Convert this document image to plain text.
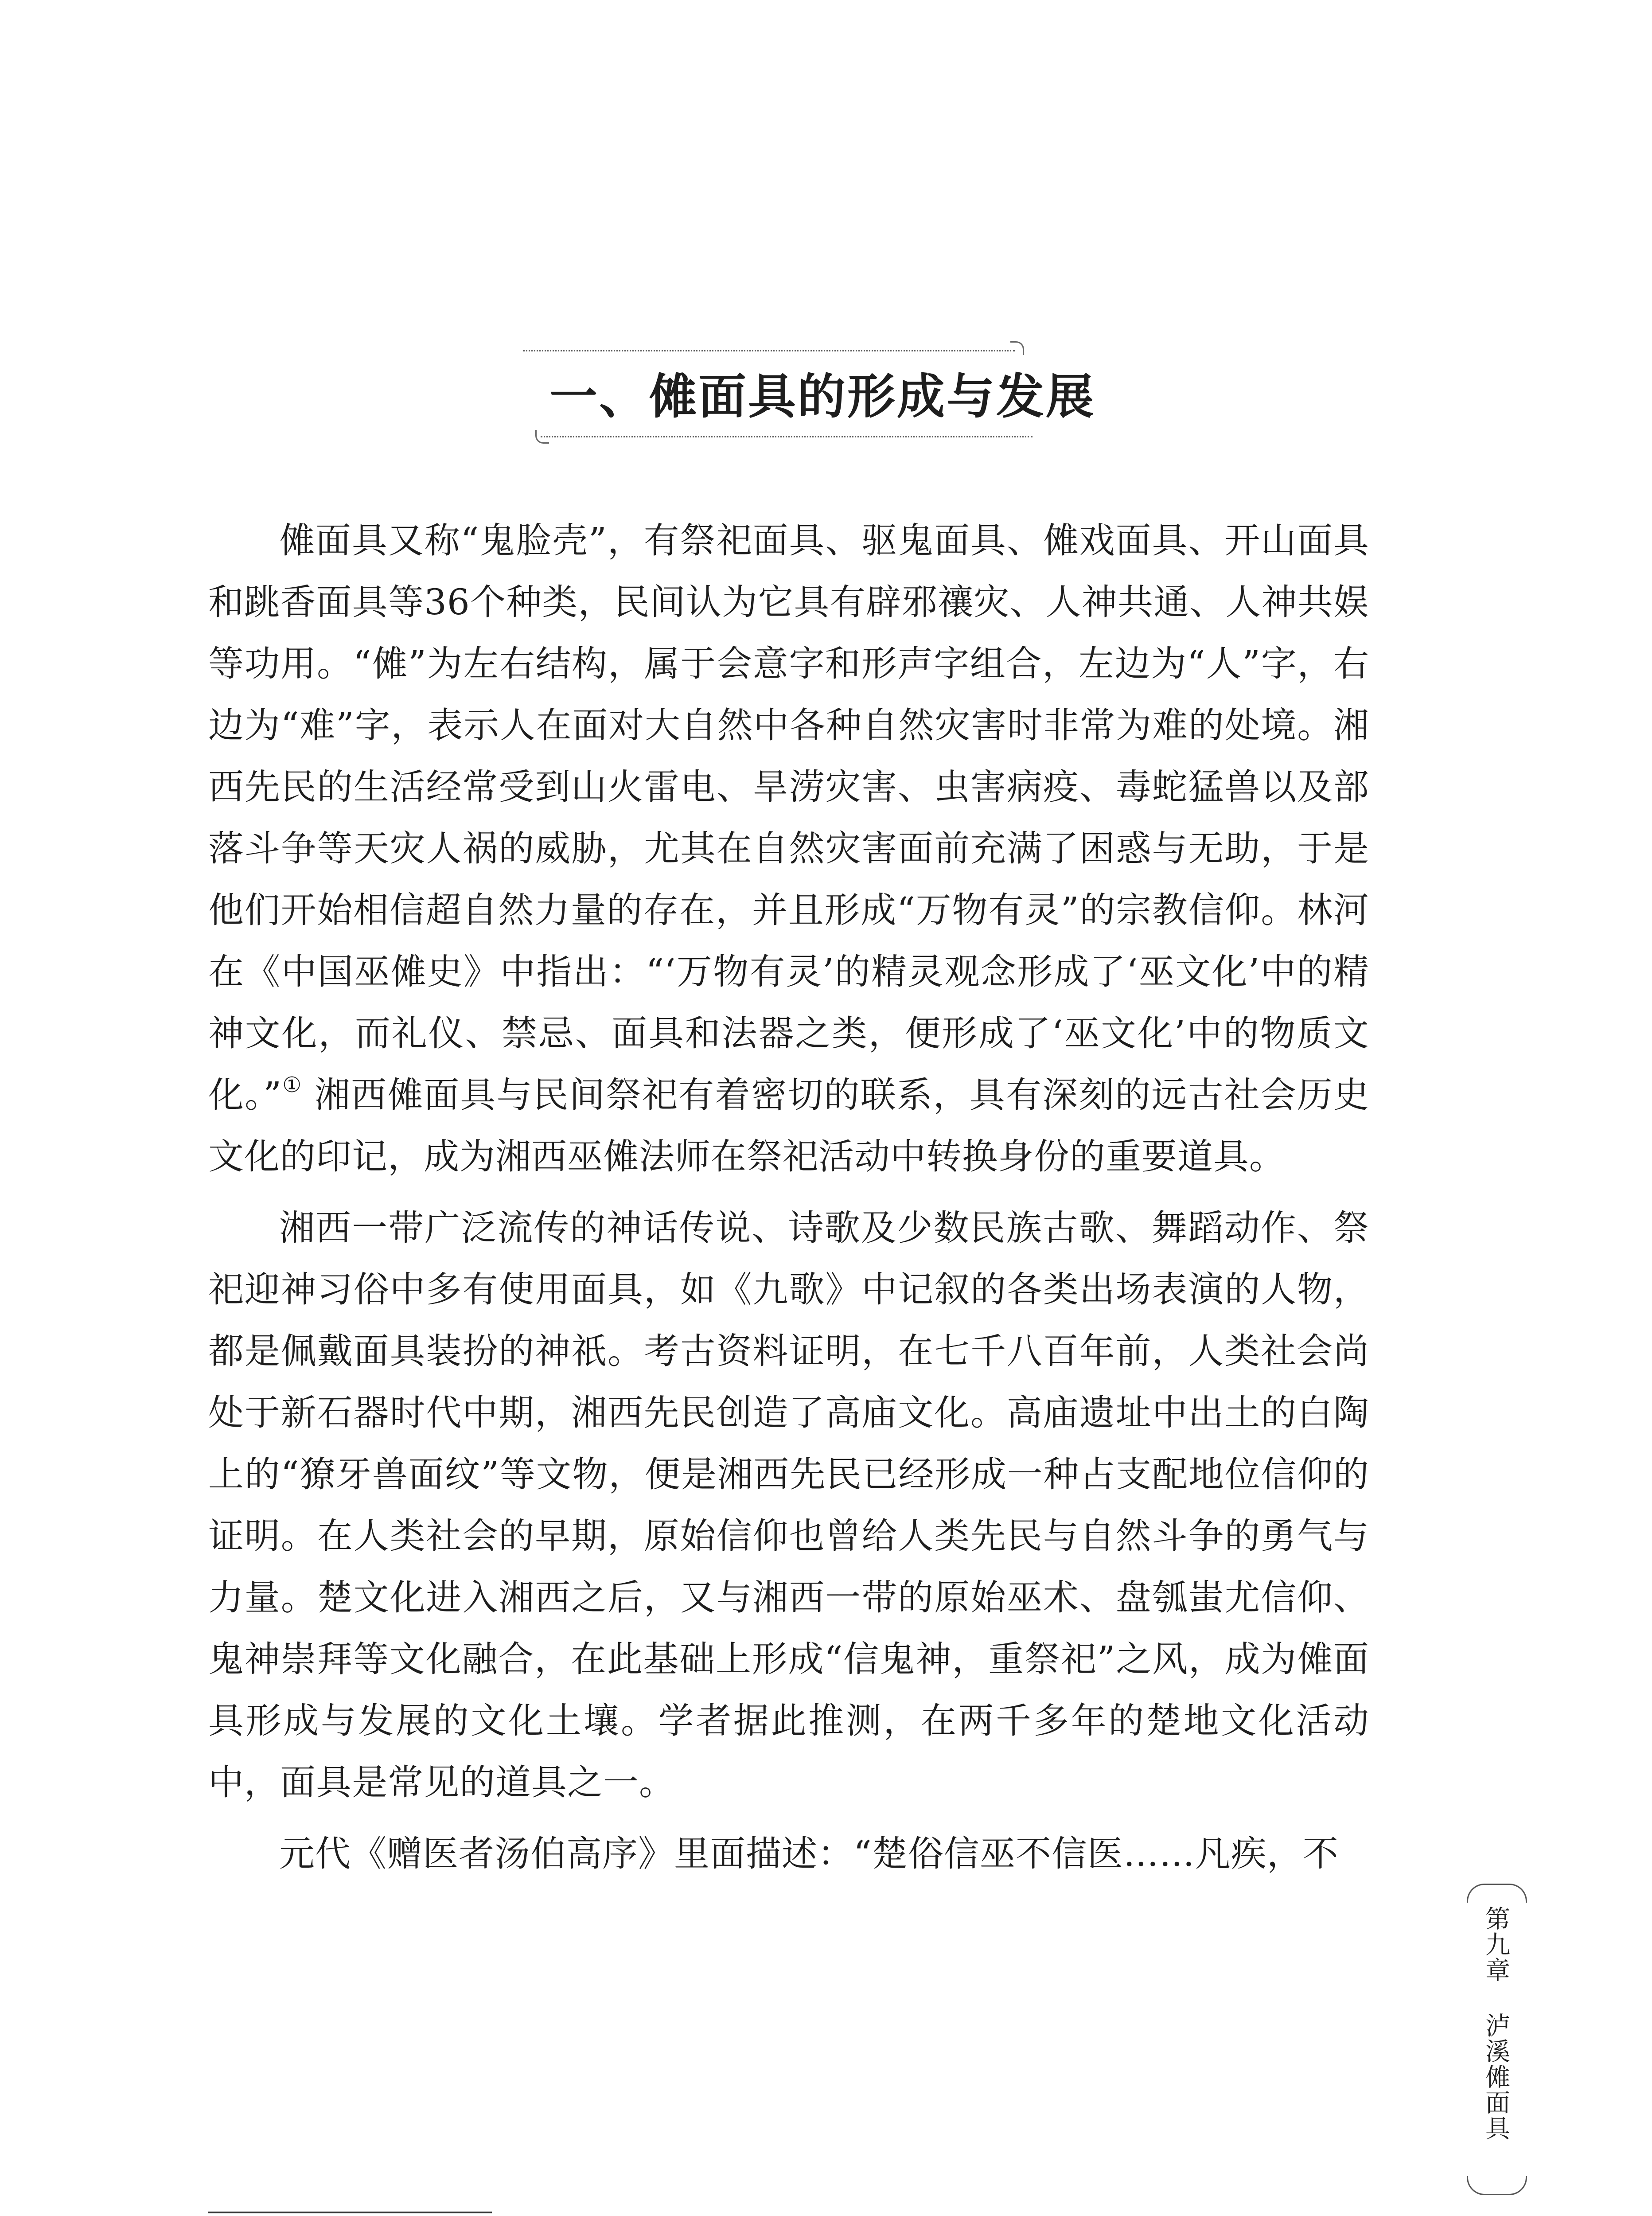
一、傩面具的形成与发展

傩面具又称“鬼脸壳”，有祭祀面具、驱鬼面具、傩戏面具、开山面具和跳香面具等36个种类，民间认为它具有辟邪禳灾、人神共通、人神共娱等功用。“傩”为左右结构，属于会意字和形声字组合，左边为“人”字，右边为“难”字，表示人在面对大自然中各种自然灾害时非常为难的处境。湘西先民的生活经常受到山火雷电、旱涝灾害、虫害病疫、毒蛇猛兽以及部落斗争等天灾人祸的威胁，尤其在自然灾害面前充满了困惑与无助，于是他们开始相信超自然力量的存在，并且形成“万物有灵”的宗教信仰。林河在《中国巫傩史》中指出：“‘万物有灵’的精灵观念形成了‘巫文化’中的精神文化，而礼仪、禁忌、面具和法器之类，便形成了‘巫文化’中的物质文化。”① 湘西傩面具与民间祭祀有着密切的联系，具有深刻的远古社会历史文化的印记，成为湘西巫傩法师在祭祀活动中转换身份的重要道具。

湘西一带广泛流传的神话传说、诗歌及少数民族古歌、舞蹈动作、祭祀迎神习俗中多有使用面具，如《九歌》中记叙的各类出场表演的人物，都是佩戴面具装扮的神祇。考古资料证明，在七千八百年前，人类社会尚处于新石器时代中期，湘西先民创造了高庙文化。高庙遗址中出土的白陶上的“獠牙兽面纹”等文物，便是湘西先民已经形成一种占支配地位信仰的证明。在人类社会的早期，原始信仰也曾给人类先民与自然斗争的勇气与力量。楚文化进入湘西之后，又与湘西一带的原始巫术、盘瓠蚩尤信仰、鬼神崇拜等文化融合，在此基础上形成“信鬼神，重祭祀”之风，成为傩面具形成与发展的文化土壤。学者据此推测，在两千多年的楚地文化活动中，面具是常见的道具之一。

元代《赠医者汤伯高序》里面描述：“楚俗信巫不信医……凡疾，不

第九章 泸溪傩面具
